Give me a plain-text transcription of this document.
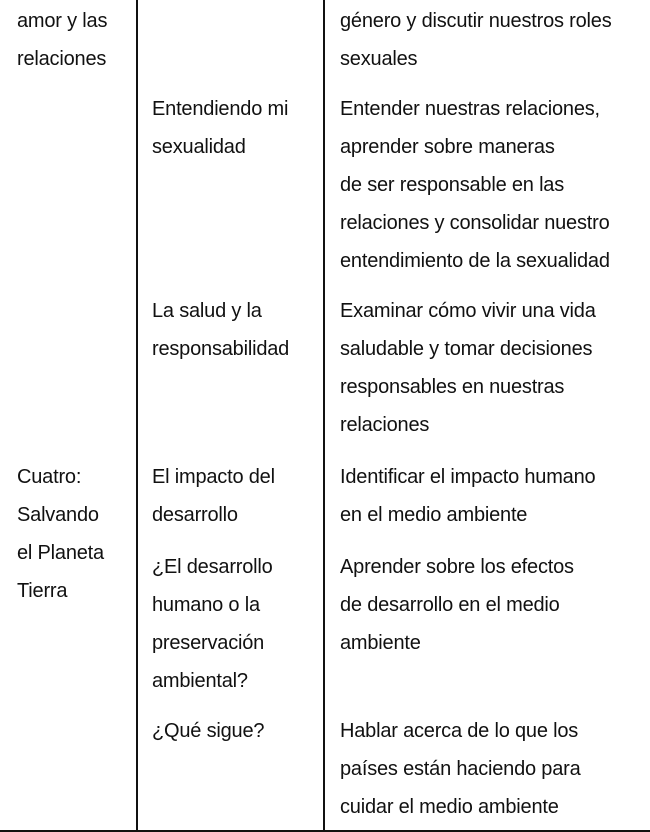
amor y las
relaciones
género y discutir nuestros roles
sexuales
Entendiendo mi
sexualidad
Entender nuestras relaciones,
aprender sobre maneras
de ser responsable en las
relaciones y consolidar nuestro
entendimiento de la sexualidad
La salud y la
responsabilidad
Examinar cómo vivir una vida
saludable y tomar decisiones
responsables en nuestras
relaciones
Cuatro:
Salvando
el Planeta
Tierra
El impacto del
desarrollo
Identificar el impacto humano
en el medio ambiente
¿El desarrollo
humano o la
preservación
ambiental?
Aprender sobre los efectos
de desarrollo en el medio
ambiente
¿Qué sigue?	Hablar acerca de lo que los
países están haciendo para
cuidar el medio ambiente
